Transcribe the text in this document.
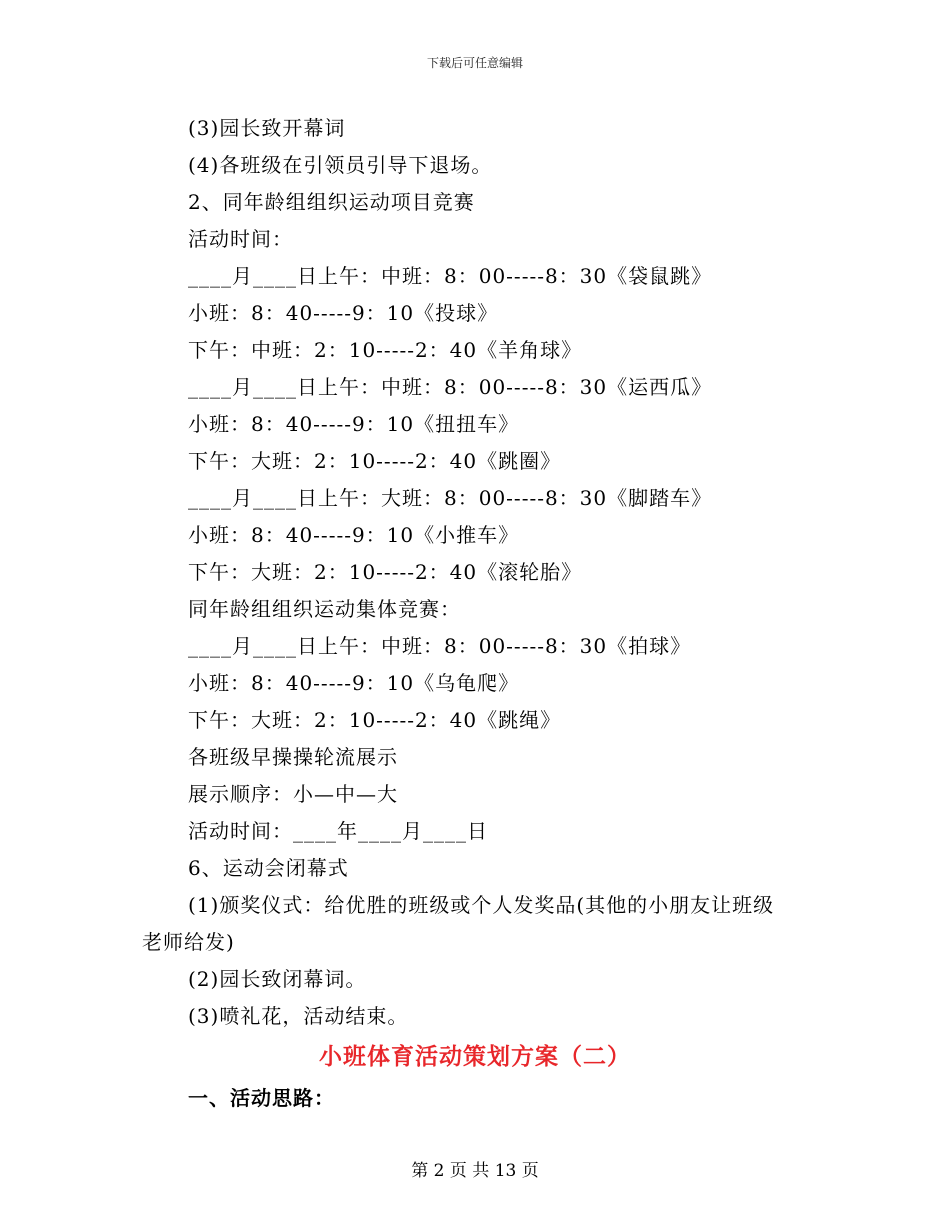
下载后可任意编辑
(3)园长致开幕词
(4)各班级在引领员引导下退场。
2、同年龄组组织运动项目竞赛
活动时间：
____月____日上午：中班：8：00-----8：30《袋鼠跳》
小班：8：40-----9：10《投球》
下午：中班：2：10-----2：40《羊角球》
____月____日上午：中班：8：00-----8：30《运西瓜》
小班：8：40-----9：10《扭扭车》
下午：大班：2：10-----2：40《跳圈》
____月____日上午：大班：8：00-----8：30《脚踏车》
小班：8：40-----9：10《小推车》
下午：大班：2：10-----2：40《滚轮胎》
同年龄组组织运动集体竞赛：
____月____日上午：中班：8：00-----8：30《拍球》
小班：8：40-----9：10《乌龟爬》
下午：大班：2：10-----2：40《跳绳》
各班级早操操轮流展示
展示顺序：小—中—大
活动时间：____年____月____日
6、运动会闭幕式
(1)颁奖仪式：给优胜的班级或个人发奖品(其他的小朋友让班级
老师给发)
(2)园长致闭幕词。
(3)喷礼花，活动结束。
小班体育活动策划方案（二）
一、活动思路：
第 2 页 共 13 页
